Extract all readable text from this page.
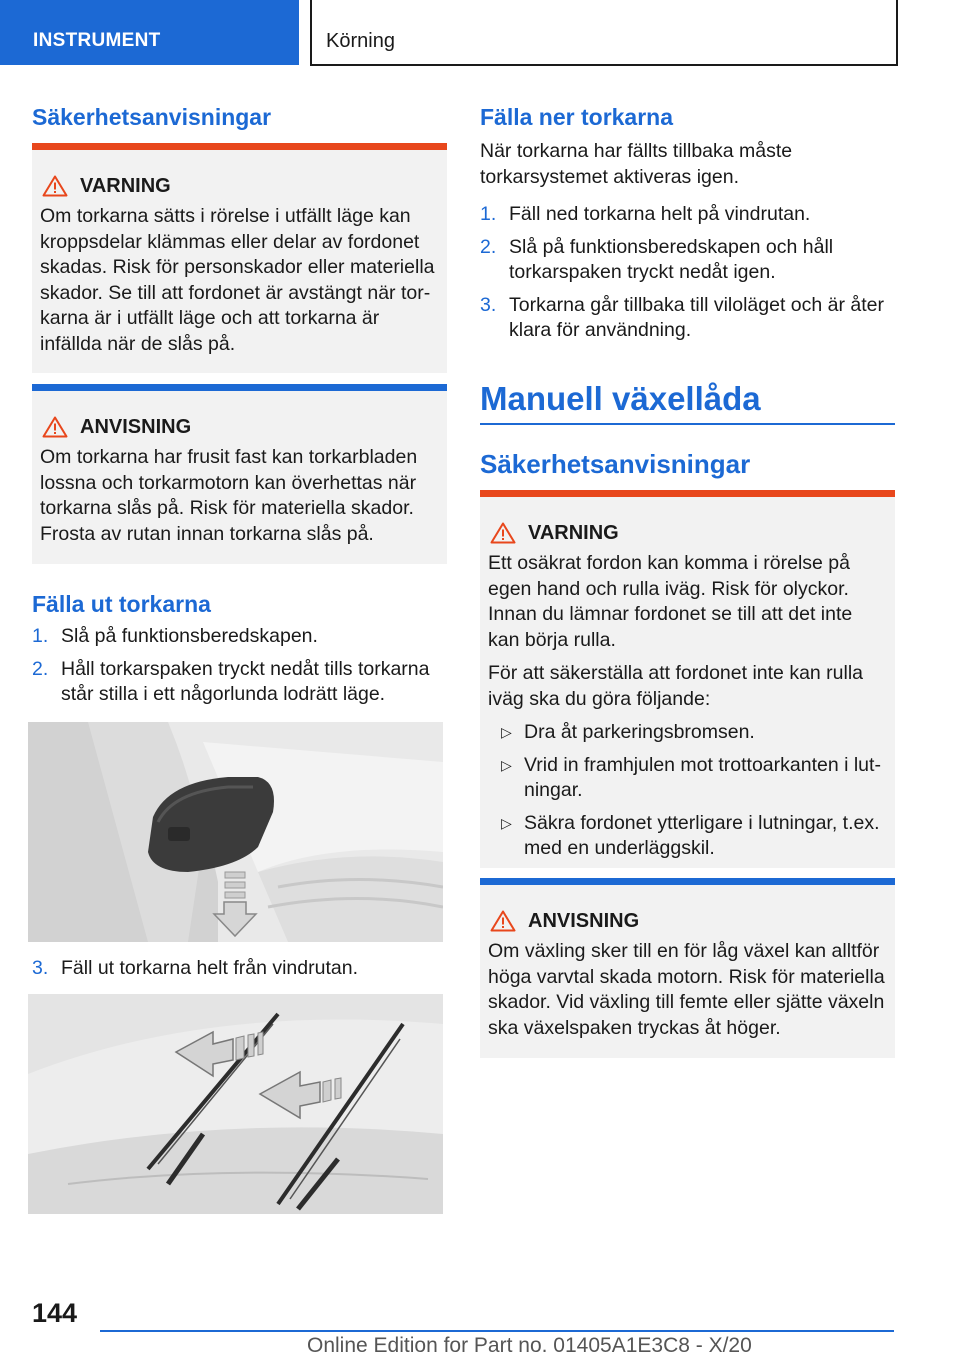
INSTRUMENT	Körning
Säkerhetsanvisningar
VARNING

Om torkarna sätts i rörelse i utfällt läge kan kroppsdelar klämmas eller delar av fordonet skadas. Risk för personskador eller materiella skador. Se till att fordonet är avstängt när torkarna är i utfällt läge och att torkarna är infällda när de slås på.

ANVISNING

Om torkarna har frusit fast kan torkarbladen lossna och torkarmotorn kan överhettas när torkarna slås på. Risk för materiella skador. Frosta av rutan innan torkarna slås på.

Fälla ut torkarna
1. Slå på funktionsberedskapen.
2. Håll torkarspaken tryckt nedåt tills torkarna står stilla i ett någorlunda lodrätt läge.
3. Fäll ut torkarna helt från vindrutan.
Fälla ner torkarna

När torkarna har fällts tillbaka måste torkarsystemet aktiveras igen.

1. Fäll ned torkarna helt på vindrutan.
2. Slå på funktionsberedskapen och håll torkarspaken tryckt nedåt igen.
3. Torkarna går tillbaka till viloläget och är åter klara för användning.
Manuell växellåda
Säkerhetsanvisningar
VARNING

Ett osäkrat fordon kan komma i rörelse på egen hand och rulla iväg. Risk för olyckor. Innan du lämnar fordonet se till att det inte kan börja rulla.

För att säkerställa att fordonet inte kan rulla iväg ska du göra följande:

▷ Dra åt parkeringsbromsen.
▷ Vrid in framhjulen mot trottoarkanten i lutningar.
▷ Säkra fordonet ytterligare i lutningar, t.ex. med en underläggskil.
ANVISNING

Om växling sker till en för låg växel kan alltför höga varvtal skada motorn. Risk för materiella skador. Vid växling till femte eller sjätte växeln ska växelspaken tryckas åt höger.

144
Online Edition for Part no. 01405A1E3C8 - X/20
